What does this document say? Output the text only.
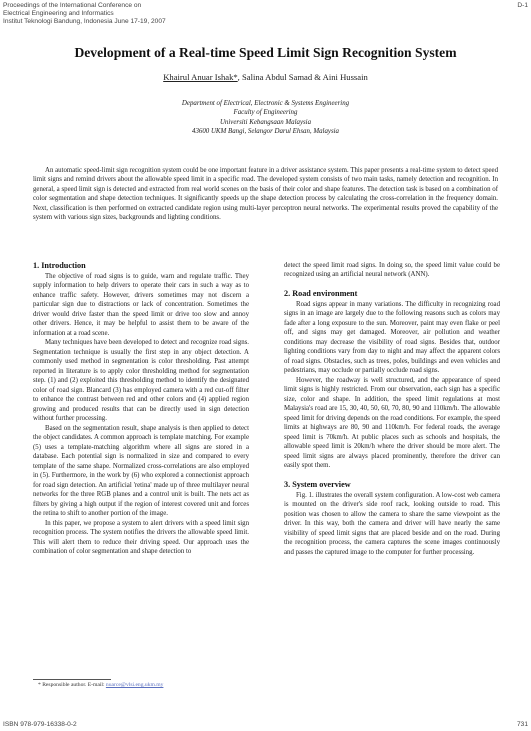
Proceedings of the International Conference on
Electrical Engineering and Informatics
Institut Teknologi Bandung, Indonesia June 17-19, 2007
D-1
Development of a Real-time Speed Limit Sign Recognition System
Khairul Anuar Ishak*, Salina Abdul Samad & Aini Hussain
Department of Electrical, Electronic & Systems Engineering
Faculty of Engineering
Universiti Kebangsaan Malaysia
43600 UKM Bangi, Selangor Darul Ehsan, Malaysia
An automatic speed-limit sign recognition system could be one important feature in a driver assistance system. This paper presents a real-time system to detect speed limit signs and remind drivers about the allowable speed limit in a specific road. The developed system consists of two main tasks, namely detection and recognition. In general, a speed limit sign is detected and extracted from real world scenes on the basis of their color and shape features. The detection task is based on a combination of color segmentation and shape detection techniques. It significantly speeds up the shape detection process by calculating the cross-correlation in the frequency domain. Next, classification is then performed on extracted candidate region using multi-layer perceptron neural networks. The experimental results proved the capability of the system with various sign sizes, backgrounds and lighting conditions.
1. Introduction

The objective of road signs is to guide, warn and regulate traffic. They supply information to help drivers to operate their cars in such a way as to enhance traffic safety. However, drivers sometimes may not discern a particular sign due to distractions or lack of concentration. Sometimes the driver would drive faster than the speed limit or drive too slow and annoy other drivers. Hence, it may be helpful to assist them to be aware of the information at a road scene.

Many techniques have been developed to detect and recognize road signs. Segmentation technique is usually the first step in any object detection. A commonly used method in segmentation is color thresholding. Past attempt reported in literature is to apply color thresholding method for segmentation step. (1) and (2) exploited this thresholding method to identify the designated color of road sign. Blancard (3) has employed camera with a red cut-off filter to enhance the contrast between red and other colors and (4) applied region growing and produced results that can be directly used in sign detection without further processing.

Based on the segmentation result, shape analysis is then applied to detect the object candidates. A common approach is template matching. For example (5) uses a template-matching algorithm where all signs are stored in a database. Each potential sign is normalized in size and compared to every template of the same shape. Normalized cross-correlations are also employed in (5). Furthermore, in the work by (6) who explored a connectionist approach for road sign detection. An artificial 'retina' made up of three multilayer neural networks for the three RGB planes and a control unit is built. The nets act as filters by giving a high output if the region of interest covered unit and forces the retina to shift to another portion of the image.

In this paper, we propose a system to alert drivers with a speed limit sign recognition process. The system notifies the drivers the allowable speed limit. This will alert them to reduce their driving speed. Our approach uses the combination of color segmentation and shape detection to

detect the speed limit road signs. In doing so, the speed limit value could be recognized using an artificial neural network (ANN).

2. Road environment

Road signs appear in many variations. The difficulty in recognizing road signs in an image are largely due to the following reasons such as colors may fade after a long exposure to the sun. Moreover, paint may even flake or peel off, and signs may get damaged. Moreover, air pollution and weather conditions may decrease the visibility of road signs. Besides that, outdoor lighting conditions vary from day to night and may affect the apparent colors of road signs. Obstacles, such as trees, poles, buildings and even vehicles and pedestrians, may occlude or partially occlude road signs.

However, the roadway is well structured, and the appearance of speed limit signs is highly restricted. From our observation, each sign has a specific size, color and shape. In addition, the speed limit regulations at most Malaysia's road are 15, 30, 40, 50, 60, 70, 80, 90 and 110km/h. The allowable speed limit for driving depends on the road conditions. For example, the speed limits at highways are 80, 90 and 110km/h. For federal roads, the average speed limit is 70km/h. At public places such as schools and hospitals, the allowable speed limit is 20km/h where the driver should be more alert. The speed limit signs are always placed prominently, therefore the driver can easily spot them.

3. System overview

Fig. 1. illustrates the overall system configuration. A low-cost web camera is mounted on the driver's side roof rack, looking outside to road. This position was chosen to allow the camera to share the same viewpoint as the driver. In this way, both the camera and driver will have nearly the same visibility of speed limit signs that are placed beside and on the road. During the recognition process, the camera captures the scene images continuously and passes the captured image to the computer for further processing.

* Responsible author. E-mail: nuarce@vlsi.eng.ukm.my
ISBN 978-979-16338-0-2	731
